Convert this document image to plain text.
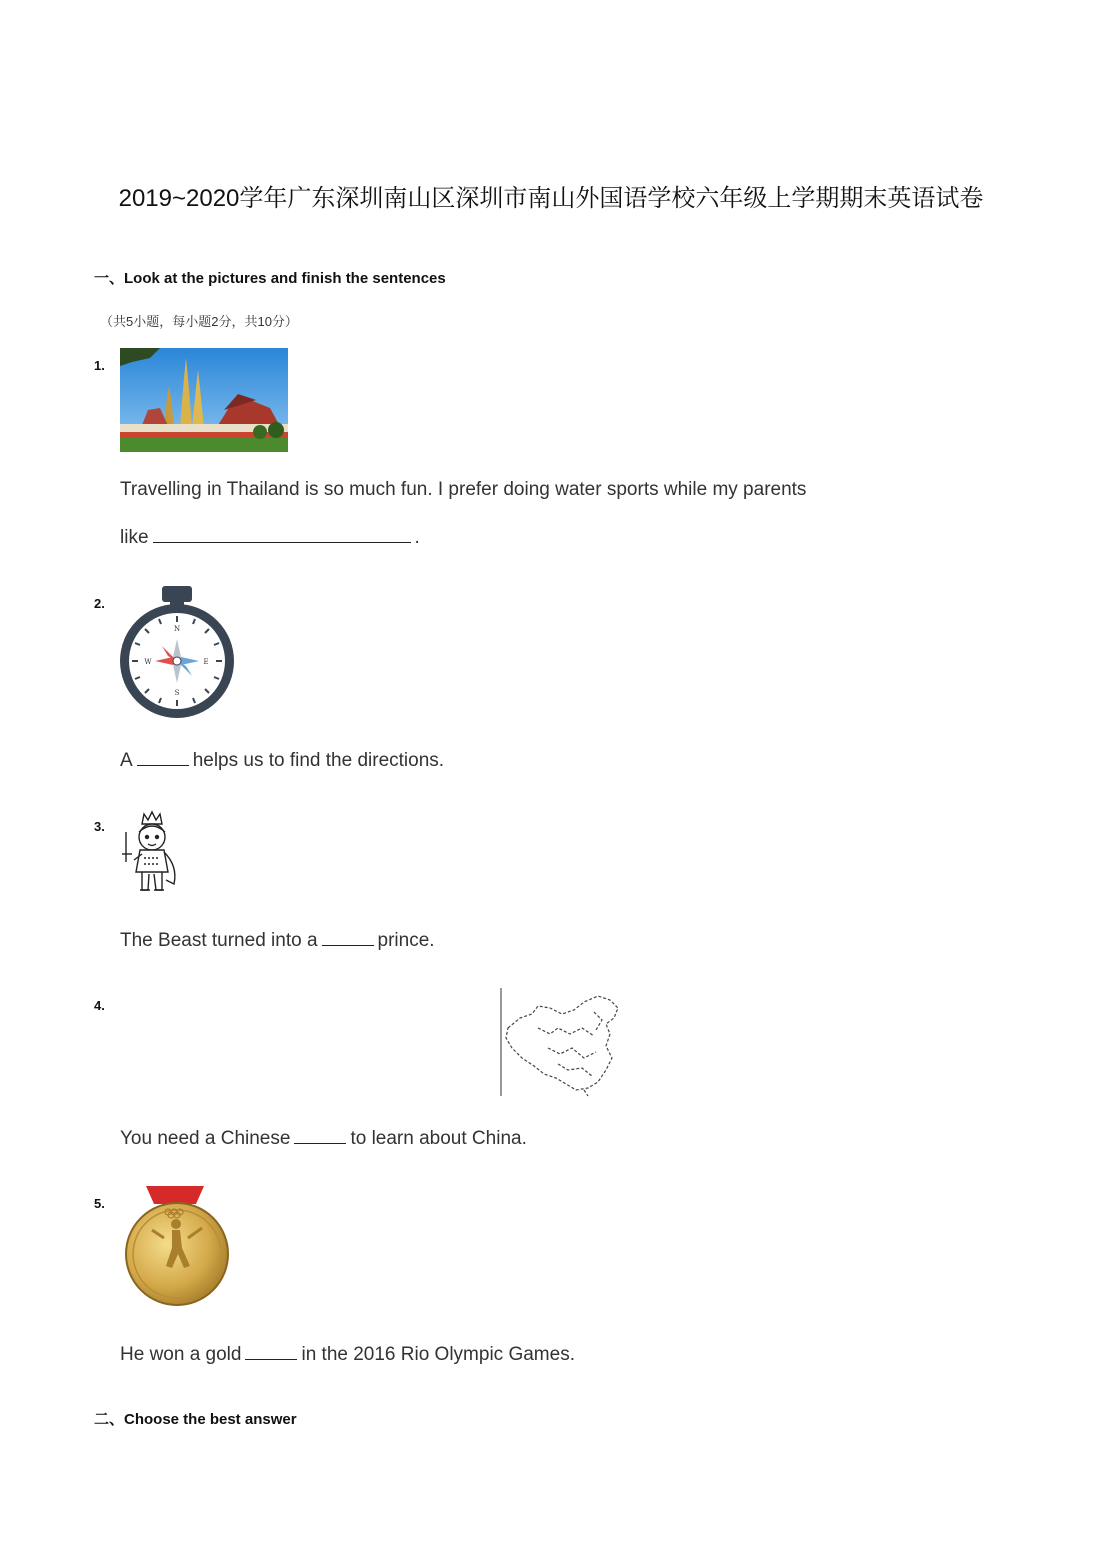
2019~2020学年广东深圳南山区深圳市南山外国语学校六年级上学期期末英语试卷
一、Look at the pictures and finish the sentences
（共5小题，每小题2分，共10分）
1.
Travelling in Thailand is so much fun. I prefer doing water sports while my parents
like	.
2.
N
E
S
W
A	helps us to find the directions.
3.
The Beast turned into a	prince.
4.
You need a Chinese	to learn about China.
5.
He won a gold	in the 2016 Rio Olympic Games.
二、Choose the best answer
